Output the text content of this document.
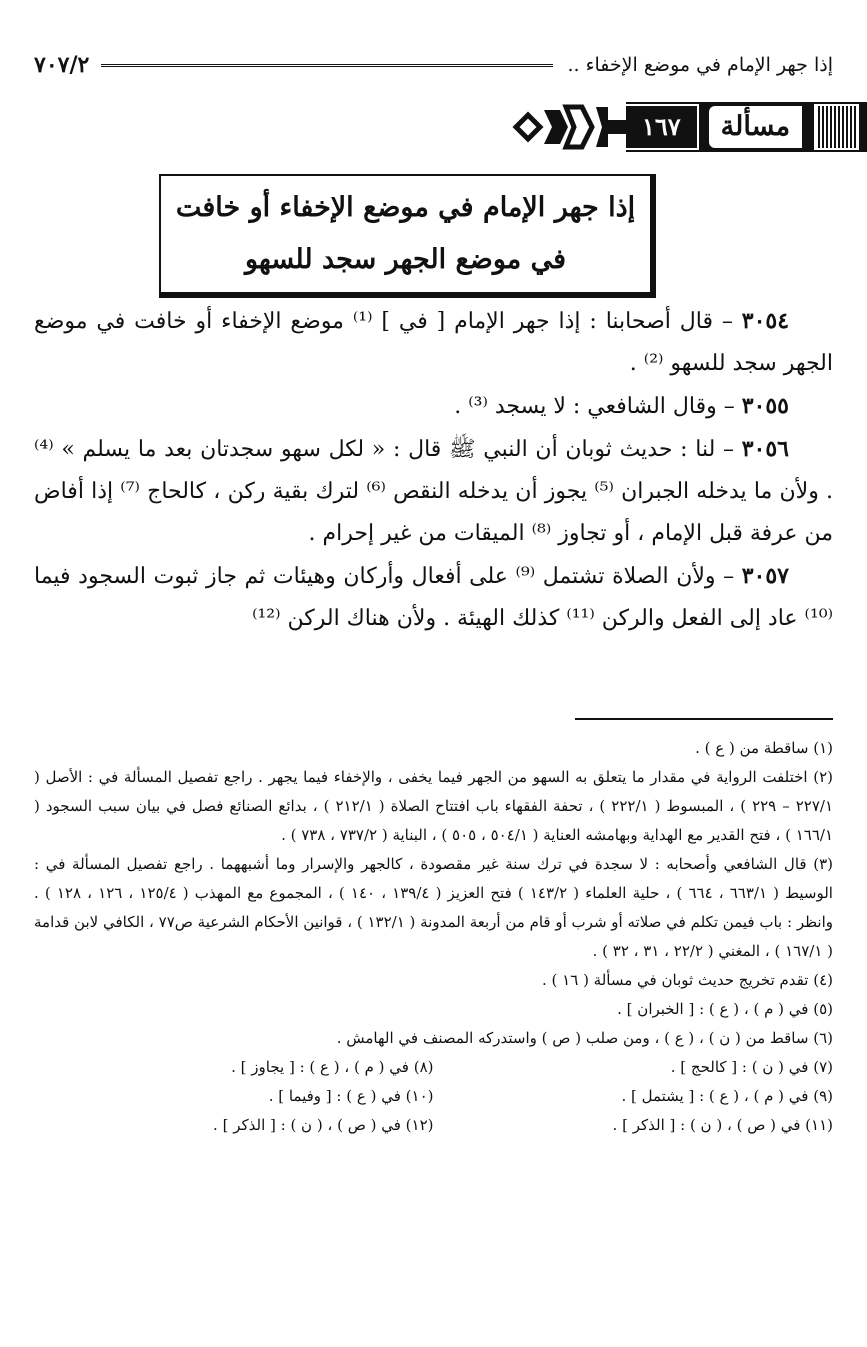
إذا جهر الإمام في موضع الإخفاء ..
٧٠٧/٢
مسألة
١٦٧
إذا جهر الإمام في موضع الإخفاء أو خافت
في موضع الجهر سجد للسهو

٣٠٥٤ – قال أصحابنا : إذا جهر الإمام [ في ] ⁽¹⁾ موضع الإخفاء أو خافت في موضع الجهر سجد للسهو ⁽²⁾ .

٣٠٥٥ – وقال الشافعي : لا يسجد ⁽³⁾ .

٣٠٥٦ – لنا : حديث ثوبان أن النبي ﷺ قال : « لكل سهو سجدتان بعد ما يسلم » ⁽⁴⁾ . ولأن ما يدخله الجبران ⁽⁵⁾ يجوز أن يدخله النقص ⁽⁶⁾ لترك بقية ركن ، كالحاج ⁽⁷⁾ إذا أفاض من عرفة قبل الإمام ، أو تجاوز ⁽⁸⁾ الميقات من غير إحرام .

٣٠٥٧ – ولأن الصلاة تشتمل ⁽⁹⁾ على أفعال وأركان وهيئات ثم جاز ثبوت السجود فيما ⁽¹⁰⁾ عاد إلى الفعل والركن ⁽¹¹⁾ كذلك الهيئة . ولأن هناك الركن ⁽¹²⁾

(١) ساقطة من ( ع ) .

(٢) اختلفت الرواية في مقدار ما يتعلق به السهو من الجهر فيما يخفى ، والإخفاء فيما يجهر . راجع تفصيل المسألة في : الأصل ( ٢٢٧/١ – ٢٢٩ ) ، المبسوط ( ٢٢٢/١ ) ، تحفة الفقهاء باب افتتاح الصلاة ( ٢١٢/١ ) ، بدائع الصنائع فصل في بيان سبب السجود ( ١٦٦/١ ) ، فتح القدير مع الهداية وبهامشه العناية ( ٥٠٤/١ ، ٥٠٥ ) ، البناية ( ٧٣٧/٢ ، ٧٣٨ ) .

(٣) قال الشافعي وأصحابه : لا سجدة في ترك سنة غير مقصودة ، كالجهر والإسرار وما أشبههما . راجع تفصيل المسألة في : الوسيط ( ٦٦٣/١ ، ٦٦٤ ) ، حلية العلماء ( ١٤٣/٢ ) فتح العزيز ( ١٣٩/٤ ، ١٤٠ ) ، المجموع مع المهذب ( ١٢٥/٤ ، ١٢٦ ، ١٢٨ ) . وانظر : باب فيمن تكلم في صلاته أو شرب أو قام من أربعة المدونة ( ١٣٢/١ ) ، قوانين الأحكام الشرعية ص٧٧ ، الكافي لابن قدامة ( ١٦٧/١ ) ، المغني ( ٢٢/٢ ، ٣١ ، ٣٢ ) .

(٤) تقدم تخريج حديث ثوبان في مسألة ( ١٦ ) .

(٥) في ( م ) ، ( ع ) : [ الخبران ] .

(٦) ساقط من ( ن ) ، ( ع ) ، ومن صلب ( ص ) واستدركه المصنف في الهامش .

(٧) في ( ن ) : [ كالحج ] .
(٨) في ( م ) ، ( ع ) : [ يجاوز ] .
(٩) في ( م ) ، ( ع ) : [ يشتمل ] .
(١٠) في ( ع ) : [ وفيما ] .
(١١) في ( ص ) ، ( ن ) : [ الذكر ] .
(١٢) في ( ص ) ، ( ن ) : [ الذكر ] .
